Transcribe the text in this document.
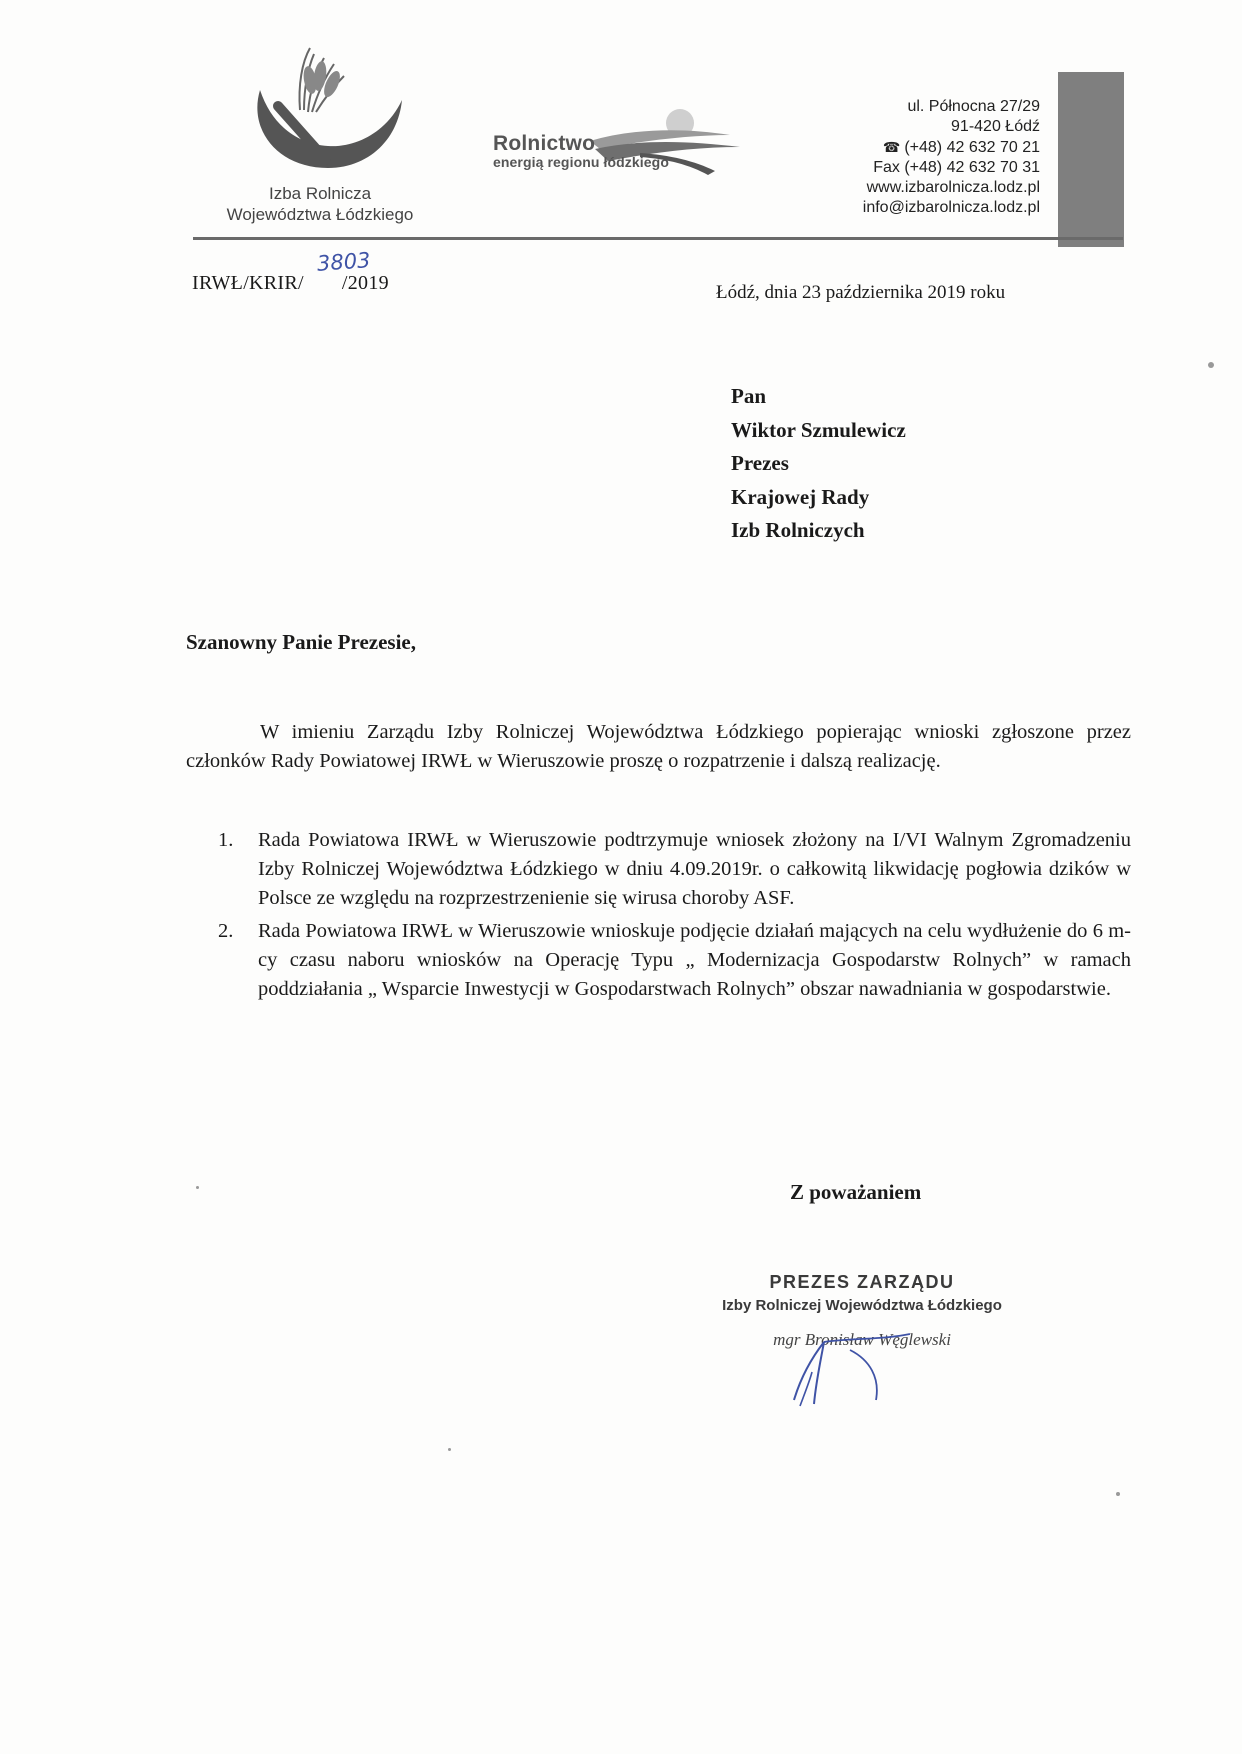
Izba Rolnicza
Województwa Łódzkiego
Rolnictwo
energią regionu łódzkiego
ul. Północna 27/29
91-420 Łódź
☎ (+48) 42 632 70 21
Fax (+48) 42 632 70 31
www.izbarolnicza.lodz.pl
info@izbarolnicza.lodz.pl
IRWŁ/KRIR/ /2019
3803
Łódź, dnia 23 października 2019 roku
Pan
Wiktor Szmulewicz
Prezes
Krajowej Rady
Izb Rolniczych
Szanowny Panie Prezesie,

W imieniu Zarządu Izby Rolniczej Województwa Łódzkiego popierając wnioski zgłoszone przez członków Rady Powiatowej IRWŁ w Wieruszowie proszę o rozpatrzenie i dalszą realizację.

1. Rada Powiatowa IRWŁ w Wieruszowie podtrzymuje wniosek złożony na I/VI Walnym Zgromadzeniu Izby Rolniczej Województwa Łódzkiego w dniu 4.09.2019r. o całkowitą likwidację pogłowia dzików w Polsce ze względu na rozprzestrzenienie się wirusa choroby ASF.
2. Rada Powiatowa IRWŁ w Wieruszowie wnioskuje podjęcie działań mających na celu wydłużenie do 6 m-cy czasu naboru wniosków na Operację Typu „ Modernizacja Gospodarstw Rolnych” w ramach poddziałania „ Wsparcie Inwestycji w Gospodarstwach Rolnych” obszar nawadniania w gospodarstwie.
Z poważaniem
PREZES ZARZĄDU
Izby Rolniczej Województwa Łódzkiego
mgr Bronisław Węglewski
